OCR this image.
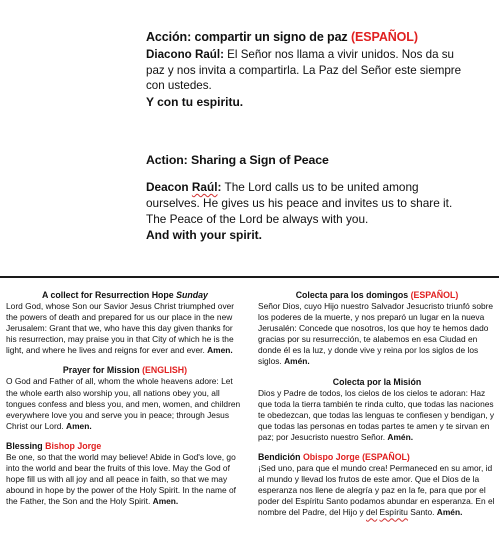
Acción: compartir un signo de paz (ESPAÑOL)
Diacono Raúl: El Señor nos llama a vivir unidos. Nos da su paz y nos invita a compartirla. La Paz del Señor este siempre con ustedes.
Y con tu espiritu.
Action: Sharing a Sign of Peace
Deacon Raúl: The Lord calls us to be united among ourselves. He gives us his peace and invites us to share it. The Peace of the Lord be always with you.
And with your spirit.
A collect for Resurrection Hope Sunday
Lord God, whose Son our Savior Jesus Christ triumphed over the powers of death and prepared for us our place in the new Jerusalem: Grant that we, who have this day given thanks for his resurrection, may praise you in that City of which he is the light, and where he lives and reigns for ever and ever. Amen.
Prayer for Mission (ENGLISH)
O God and Father of all, whom the whole heavens adore: Let the whole earth also worship you, all nations obey you, all tongues confess and bless you, and men, women, and children everywhere love you and serve you in peace; through Jesus Christ our Lord. Amen.
Blessing Bishop Jorge
Be one, so that the world may believe! Abide in God's love, go into the world and bear the fruits of this love. May the God of hope fill us with all joy and all peace in faith, so that we may abound in hope by the power of the Holy Spirit. In the name of the Father, the Son and the Holy Spirit. Amen.
Colecta para los domingos (ESPAÑOL)
Señor Dios, cuyo Hijo nuestro Salvador Jesucristo triunfó sobre los poderes de la muerte, y nos preparó un lugar en la nueva Jerusalén: Concede que nosotros, los que hoy te hemos dado gracias por su resurrección, te alabemos en esa Ciudad en donde él es la luz, y donde vive y reina por los siglos de los siglos. Amén.
Colecta por la Misión
Dios y Padre de todos, los cielos de los cielos te adoran: Haz que toda la tierra también te rinda culto, que todas las naciones te obedezcan, que todas las lenguas te confiesen y bendigan, y que todas las personas en todas partes te amen y te sirvan en paz; por Jesucristo nuestro Señor. Amén.
Bendición Obispo Jorge (ESPAÑOL)
¡Sed uno, para que el mundo crea! Permaneced en su amor, id al mundo y llevad los frutos de este amor. Que el Dios de la esperanza nos llene de alegría y paz en la fe, para que por el poder del Espíritu Santo podamos abundar en esperanza. En el nombre del Padre, del Hijo y del Espíritu Santo. Amén.
